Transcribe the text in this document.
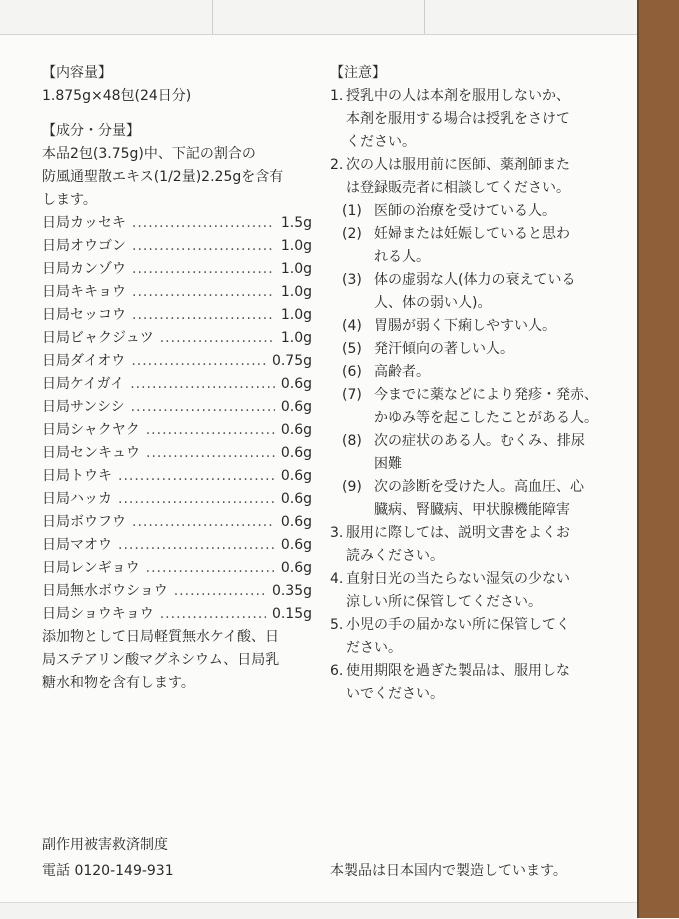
【内容量】
1.875g×48包(24日分)
【成分・分量】
本品2包(3.75g)中、下記の割合の
防風通聖散エキス(1/2量)2.25gを含有
します。
日局カッセキ .....	1.5g
日局オウゴン .....	1.0g
日局カンゾウ .....	1.0g
日局キキョウ .....	1.0g
日局セッコウ .....	1.0g
日局ビャクジュツ .....	1.0g
日局ダイオウ .....	0.75g
日局ケイガイ .....	0.6g
日局サンシシ .....	0.6g
日局シャクヤク .....	0.6g
日局センキュウ .....	0.6g
日局トウキ .....	0.6g
日局ハッカ .....	0.6g
日局ボウフウ .....	0.6g
日局マオウ .....	0.6g
日局レンギョウ .....	0.6g
日局無水ボウショウ .....	0.35g
日局ショウキョウ .....	0.15g
添加物として日局軽質無水ケイ酸、日
局ステアリン酸マグネシウム、日局乳
糖水和物を含有します。
【注意】
1. 授乳中の人は本剤を服用しないか、
本剤を服用する場合は授乳をさけて
ください。
2. 次の人は服用前に医師、薬剤師また
は登録販売者に相談してください。
(1) 医師の治療を受けている人。
(2) 妊婦または妊娠していると思わ
れる人。
(3) 体の虚弱な人(体力の衰えている
人、体の弱い人)。
(4) 胃腸が弱く下痢しやすい人。
(5) 発汗傾向の著しい人。
(6) 高齢者。
(7) 今までに薬などにより発疹・発赤、
かゆみ等を起こしたことがある人。
(8) 次の症状のある人。むくみ、排尿
困難
(9) 次の診断を受けた人。高血圧、心
臓病、腎臓病、甲状腺機能障害
3. 服用に際しては、説明文書をよくお
読みください。
4. 直射日光の当たらない湿気の少ない
涼しい所に保管してください。
5. 小児の手の届かない所に保管してく
ださい。
6. 使用期限を過ぎた製品は、服用しな
いでください。
副作用被害救済制度
電話 0120-149-931	本製品は日本国内で製造しています。
